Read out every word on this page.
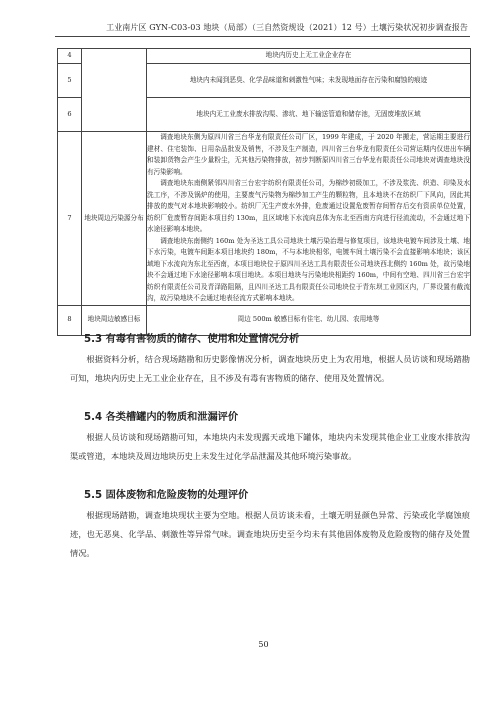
工业南片区 GYN-C03-03 地块（局部）（三自然资规设（2021）12 号）土壤污染状况初步调查报告
4		地块内历史上无工业企业存在
5		地块内未闻到恶臭、化学品味道和刺激性气味；未发现地面存在污染和腐蚀的痕迹
6		地块内无工业废水排放沟渠、渗坑、地下输送管道和储存池，无固废堆放区域
7	地块周边污染源分布	调查地块东侧为原四川省三台华龙有限责任公司厂区，1999 年建成，于 2020 年搬走，营运期主要进行建材、住宅装饰、日用杂品批发及销售，不涉及生产制造，四川省三台华龙有限责任公司营运期内仅进出车辆和装卸货物会产生少量粉尘，无其他污染物排放，初步判断原四川省三台华龙有限责任公司地块对调查地块没有污染影响。

调查地块东南侧紧邻四川省三台宏宇纺织有限责任公司，为棉纱初级加工，不涉及浆洗、织造、印染及水洗工序，不涉及锅炉的使用，主要废气污染物为棉纱加工产生的颗粒物，且本地块不在纺织厂下风向，因此其排放的废气对本地块影响较小。纺织厂无生产废水外排，危废通过设置危废暂存间暂存后交有资质单位处置，纺织厂危废暂存间距本项目约 130m，且区域地下水流向总体为东北至西南方向进行径流流动，不会通过地下水途径影响本地块。

调查地块东南侧约 160m 处为圣达工具公司地块土壤污染治理与修复项目，该地块电镀车间涉及土壤、地下水污染，电镀车间距本项目地块约 180m，不与本地块相邻，电镀车间土壤污染不会直接影响本地块；该区域地下水流向为东北至西南，本项目地块位于原四川圣达工具有限责任公司地块西北侧约 160m 处，故污染地块不会通过地下水途径影响本项目地块。本项目地块与污染地块相距约 160m，中间有空地、四川省三台宏宇纺织有限责任公司及青泽路阻隔，且四川圣达工具有限责任公司地块位于青东坝工业园区内，厂界设置有截流沟，故污染地块不会通过地表径流方式影响本地块。

8	地块周边敏感目标	周边 500m 敏感目标有住宅、幼儿园、农用地等
5.3 有毒有害物质的储存、使用和处置情况分析

根据资料分析，结合现场踏勘和历史影像情况分析，调查地块历史上为农用地，根据人员访谈和现场踏勘可知，地块内历史上无工业企业存在，且不涉及有毒有害物质的储存、使用及处置情况。

5.4 各类槽罐内的物质和泄漏评价

根据人员访谈和现场踏勘可知，本地块内未发现露天或地下罐体，地块内未发现其他企业工业废水排放沟渠或管道，本地块及周边地块历史上未发生过化学品泄漏及其他环境污染事故。

5.5 固体废物和危险废物的处理评价

根据现场踏勘，调查地块现状主要为空地。根据人员访谈未看，土壤无明显颜色异常、污染或化学腐蚀痕迹，也无恶臭、化学品、刺激性等异常气味。调查地块历史至今均未有其他固体废物及危险废物的储存及处置情况。

50
